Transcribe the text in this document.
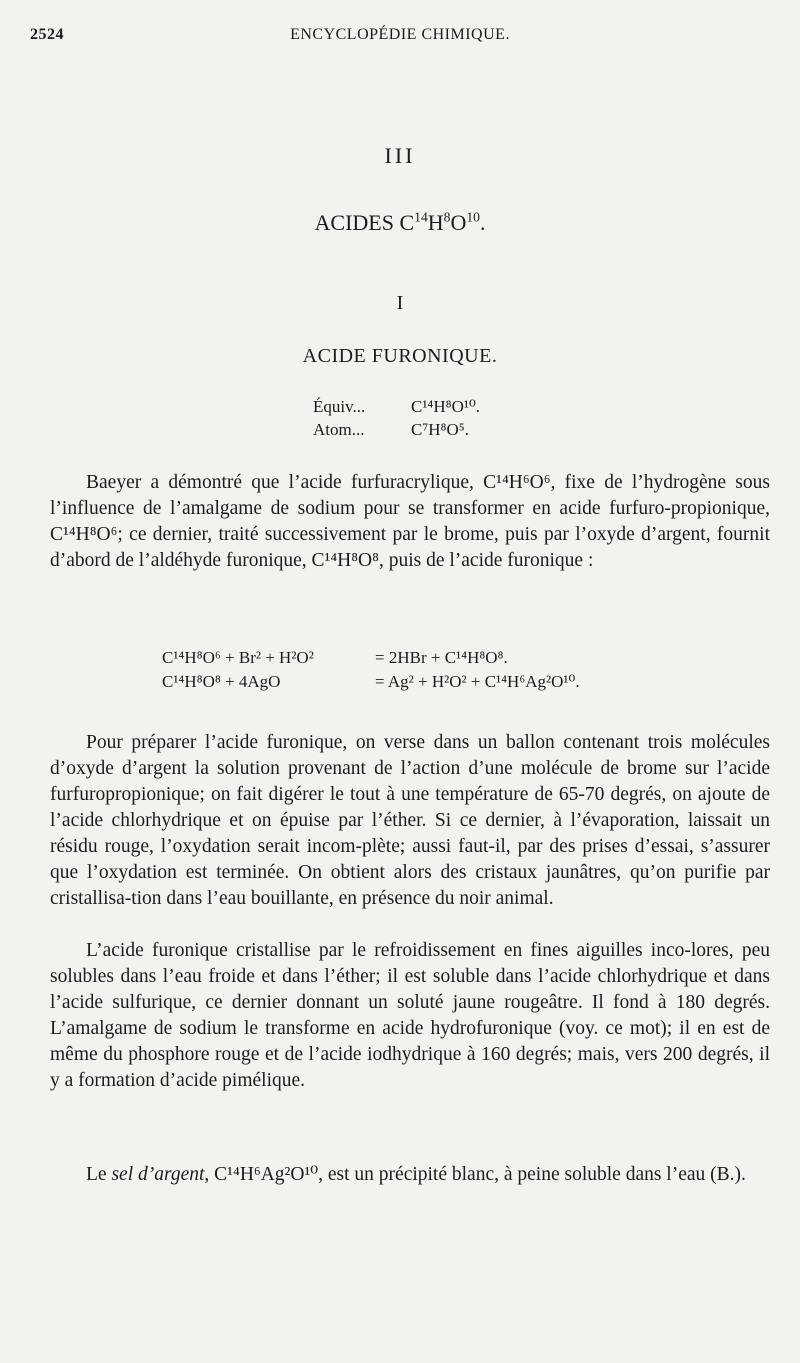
2524	ENCYCLOPÉDIE CHIMIQUE.
III
ACIDES $C^{14}H^8O^{10}$.
I
ACIDE FURONIQUE.
Équiv...	C¹⁴H⁸O¹⁰.
Atom...	C⁷H⁸O⁵.

Baeyer a démontré que l’acide furfuracrylique, C¹⁴H⁶O⁶, fixe de l’hydrogène sous l’influence de l’amalgame de sodium pour se transformer en acide furfuro-propionique, C¹⁴H⁸O⁶; ce dernier, traité successivement par le brome, puis par l’oxyde d’argent, fournit d’abord de l’aldéhyde furonique, C¹⁴H⁸O⁸, puis de l’acide furonique :

C¹⁴H⁸O⁶ + Br² + H²O²	= 2HBr + C¹⁴H⁸O⁸.
C¹⁴H⁸O⁸ + 4AgO	= Ag² + H²O² + C¹⁴H⁶Ag²O¹⁰.

Pour préparer l’acide furonique, on verse dans un ballon contenant trois molécules d’oxyde d’argent la solution provenant de l’action d’une molécule de brome sur l’acide furfuropropionique; on fait digérer le tout à une température de 65-70 degrés, on ajoute de l’acide chlorhydrique et on épuise par l’éther. Si ce dernier, à l’évaporation, laissait un résidu rouge, l’oxydation serait incom-plète; aussi faut-il, par des prises d’essai, s’assurer que l’oxydation est terminée. On obtient alors des cristaux jaunâtres, qu’on purifie par cristallisa-tion dans l’eau bouillante, en présence du noir animal.

L’acide furonique cristallise par le refroidissement en fines aiguilles inco-lores, peu solubles dans l’eau froide et dans l’éther; il est soluble dans l’acide chlorhydrique et dans l’acide sulfurique, ce dernier donnant un soluté jaune rougeâtre. Il fond à 180 degrés. L’amalgame de sodium le transforme en acide hydrofuronique (voy. ce mot); il en est de même du phosphore rouge et de l’acide iodhydrique à 160 degrés; mais, vers 200 degrés, il y a formation d’acide pimélique.

Le sel d’argent, C¹⁴H⁶Ag²O¹⁰, est un précipité blanc, à peine soluble dans l’eau (B.).
